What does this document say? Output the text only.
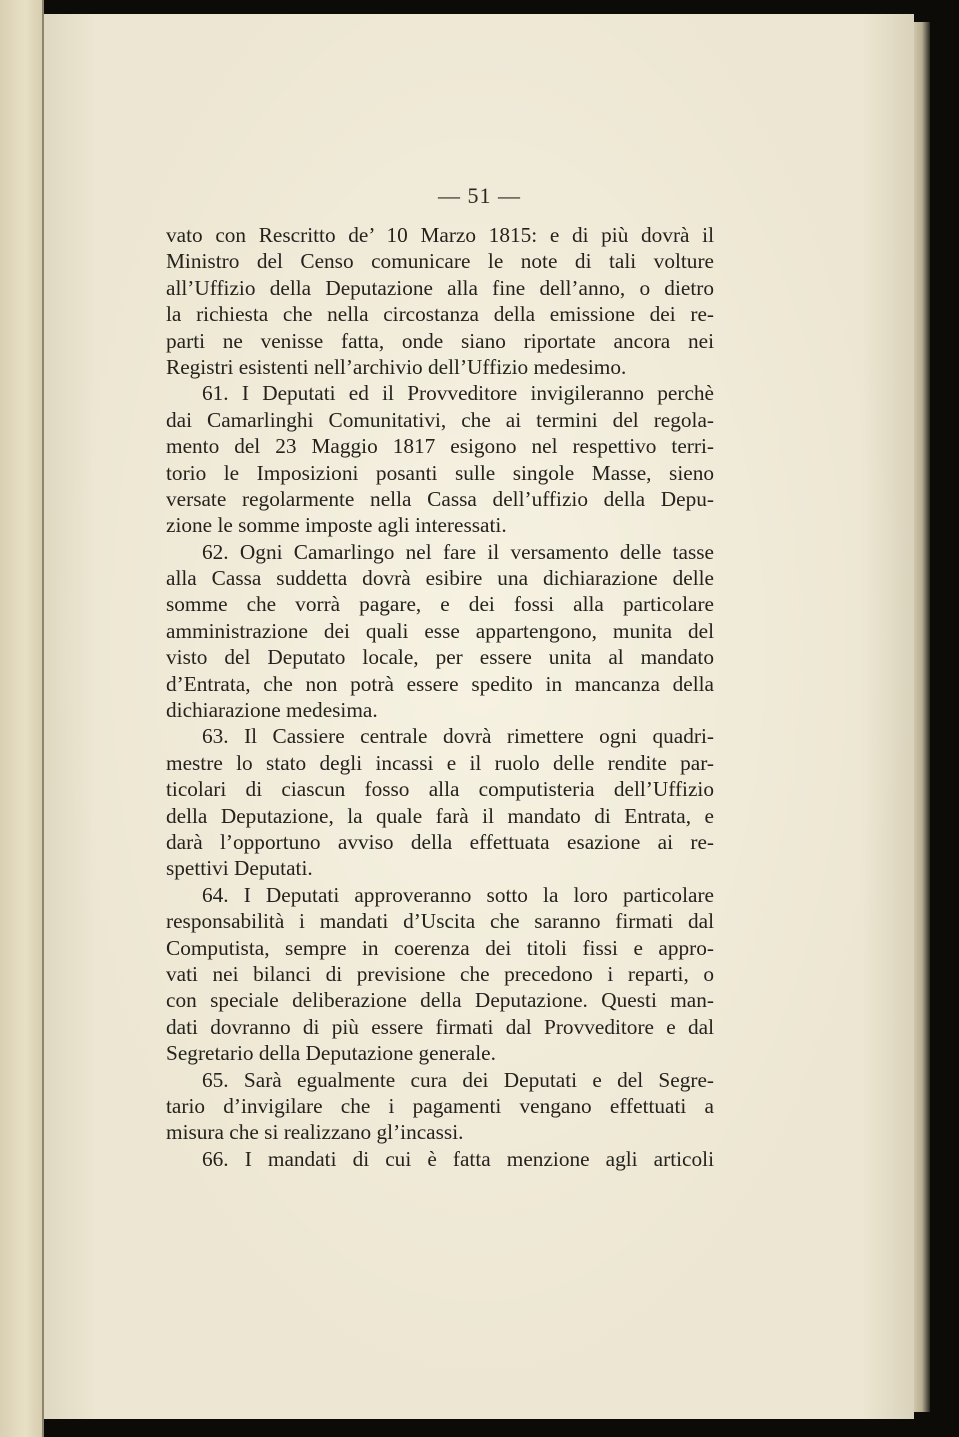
— 51 —
vato con Rescritto de’ 10 Marzo 1815: e di più dovrà il
Ministro del Censo comunicare le note di tali volture
all’Uffizio della Deputazione alla fine dell’anno, o dietro
la richiesta che nella circostanza della emissione dei re-
parti ne venisse fatta, onde siano riportate ancora nei
Registri esistenti nell’archivio dell’Uffizio medesimo.
61. I Deputati ed il Provveditore invigileranno perchè
dai Camarlinghi Comunitativi, che ai termini del regola-
mento del 23 Maggio 1817 esigono nel respettivo terri-
torio le Imposizioni posanti sulle singole Masse, sieno
versate regolarmente nella Cassa dell’uffizio della Depu-
zione le somme imposte agli interessati.
62. Ogni Camarlingo nel fare il versamento delle tasse
alla Cassa suddetta dovrà esibire una dichiarazione delle
somme che vorrà pagare, e dei fossi alla particolare
amministrazione dei quali esse appartengono, munita del
visto del Deputato locale, per essere unita al mandato
d’Entrata, che non potrà essere spedito in mancanza della
dichiarazione medesima.
63. Il Cassiere centrale dovrà rimettere ogni quadri-
mestre lo stato degli incassi e il ruolo delle rendite par-
ticolari di ciascun fosso alla computisteria dell’Uffizio
della Deputazione, la quale farà il mandato di Entrata, e
darà l’opportuno avviso della effettuata esazione ai re-
spettivi Deputati.
64. I Deputati approveranno sotto la loro particolare
responsabilità i mandati d’Uscita che saranno firmati dal
Computista, sempre in coerenza dei titoli fissi e appro-
vati nei bilanci di previsione che precedono i reparti, o
con speciale deliberazione della Deputazione. Questi man-
dati dovranno di più essere firmati dal Provveditore e dal
Segretario della Deputazione generale.
65. Sarà egualmente cura dei Deputati e del Segre-
tario d’invigilare che i pagamenti vengano effettuati a
misura che si realizzano gl’incassi.
66. I mandati di cui è fatta menzione agli articoli
